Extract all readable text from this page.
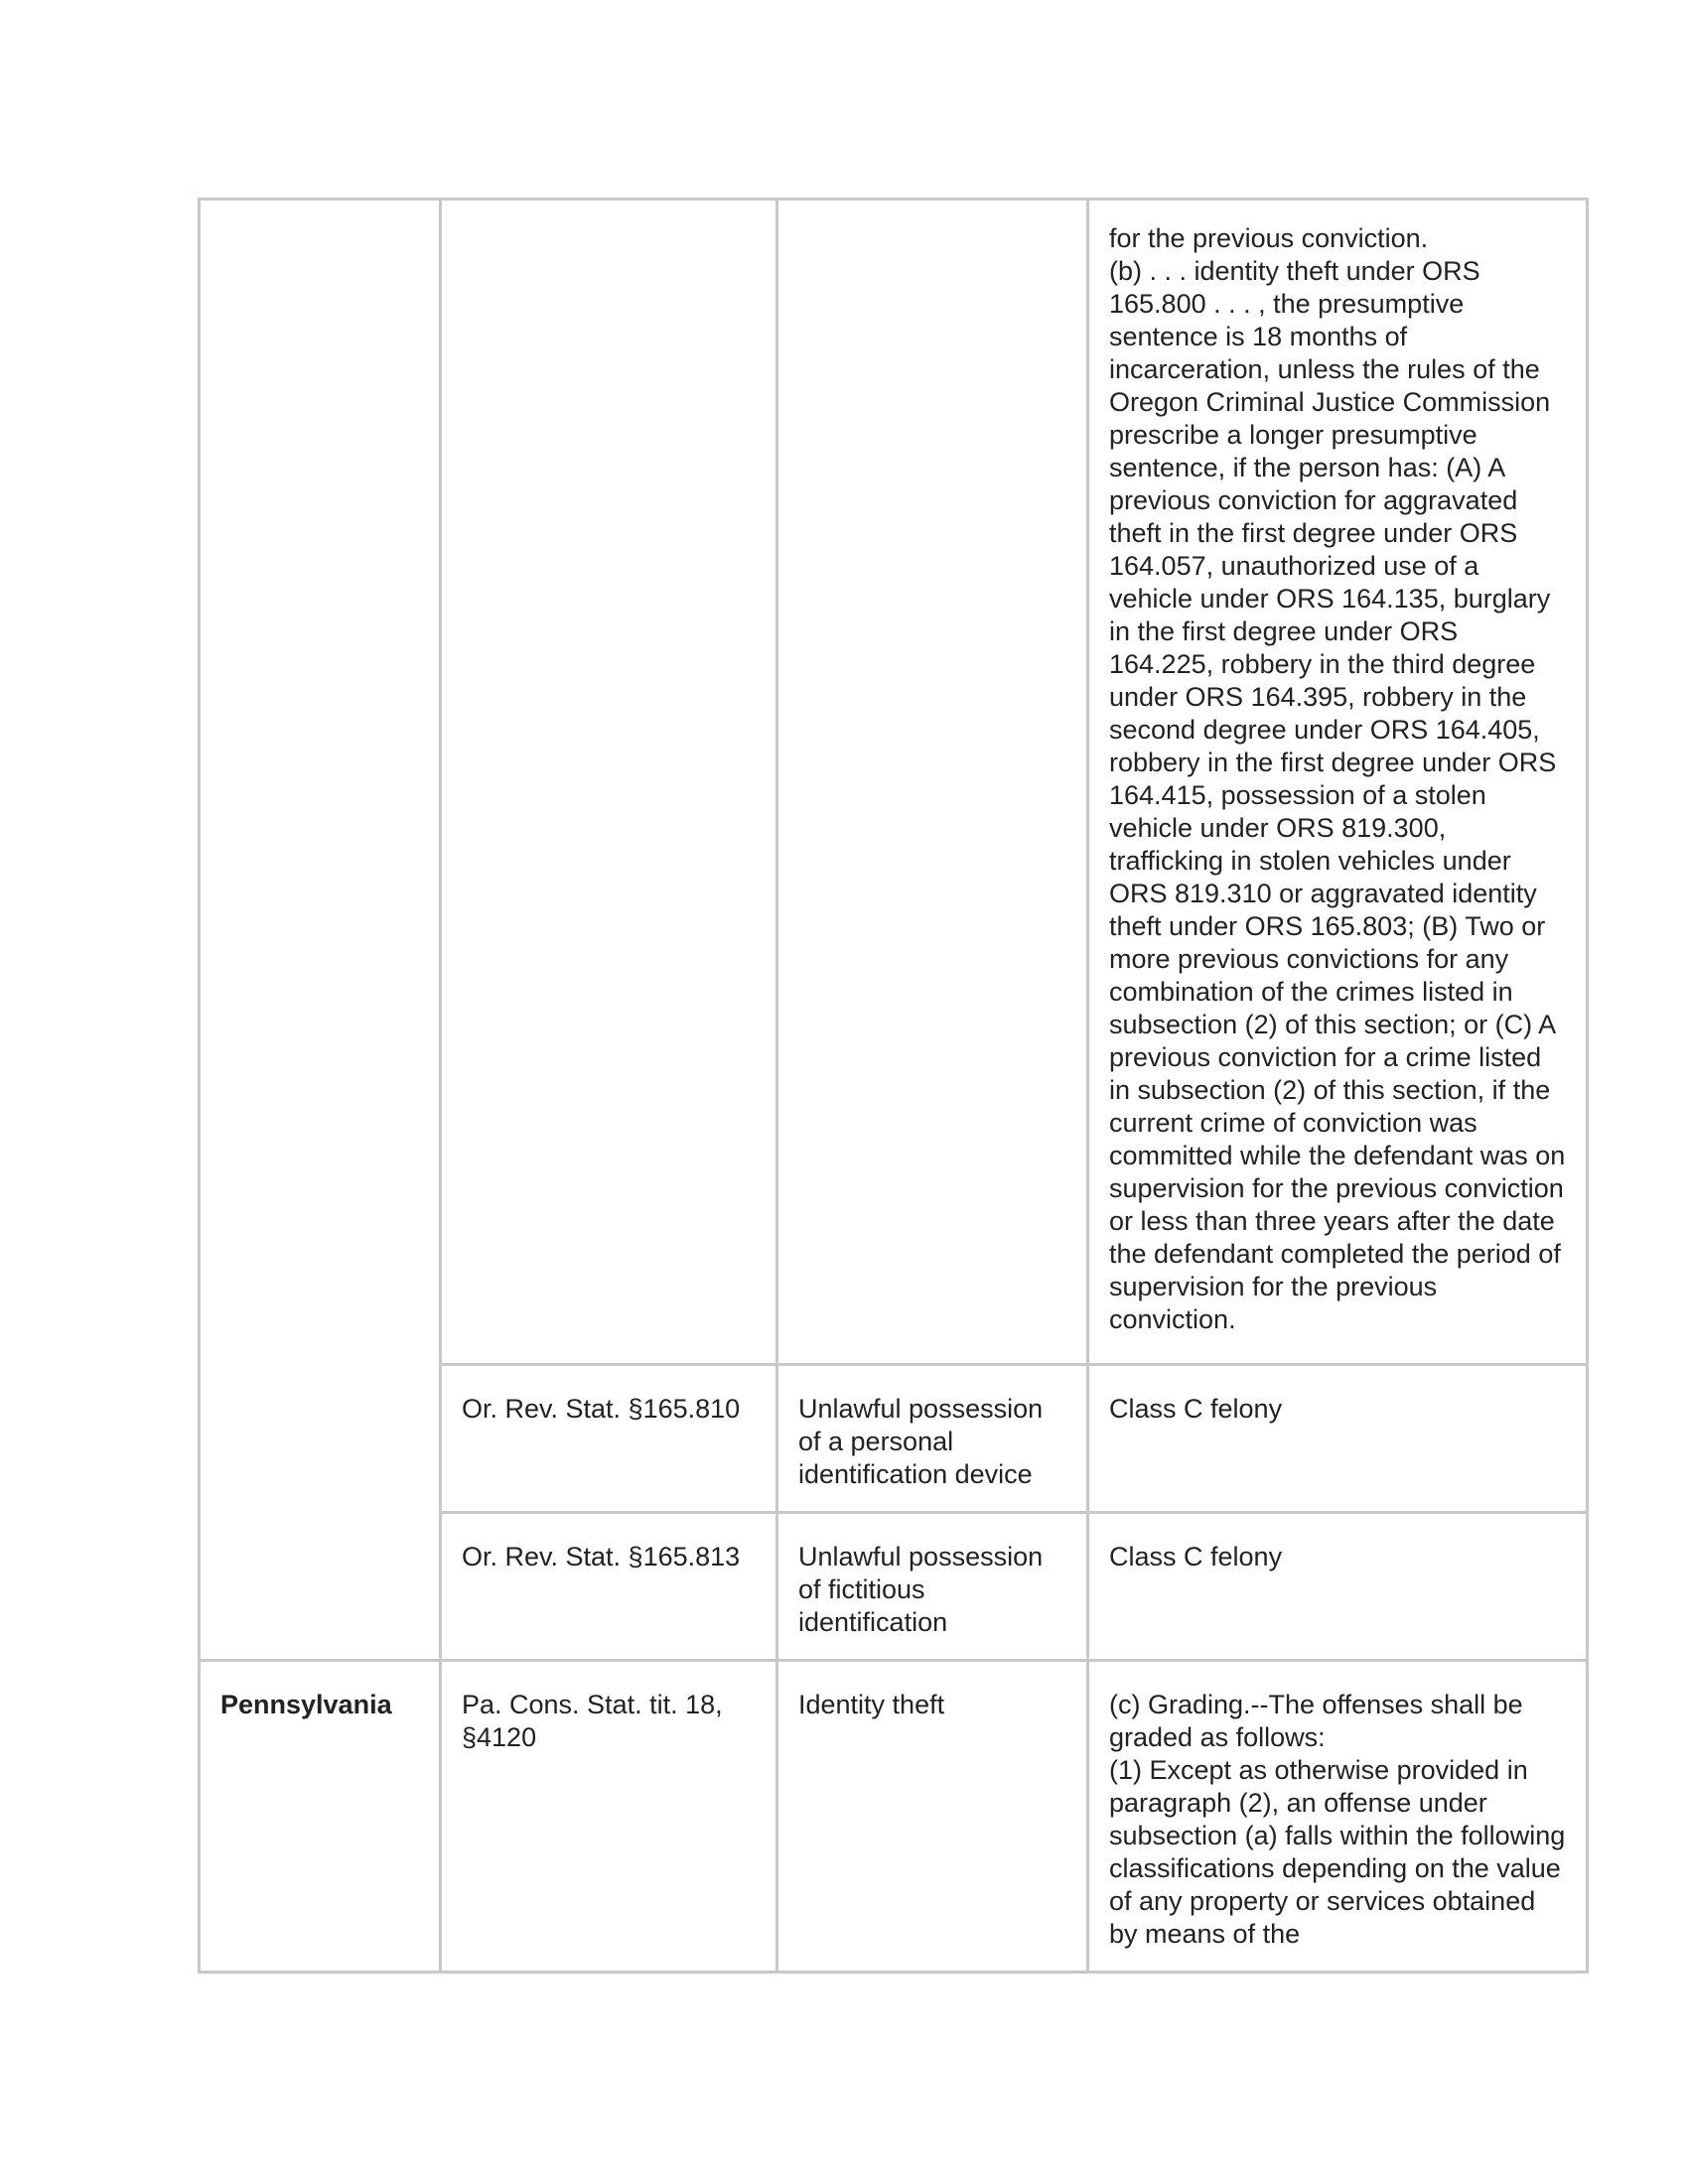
			for the previous conviction.
(b) . . . identity theft under ORS 165.800 . . . , the presumptive sentence is 18 months of incarceration, unless the rules of the Oregon Criminal Justice Commission prescribe a longer presumptive sentence, if the person has: (A) A previous conviction for aggravated theft in the first degree under ORS 164.057, unauthorized use of a vehicle under ORS 164.135, burglary in the first degree under ORS 164.225, robbery in the third degree under ORS 164.395, robbery in the second degree under ORS 164.405, robbery in the first degree under ORS 164.415, possession of a stolen vehicle under ORS 819.300, trafficking in stolen vehicles under ORS 819.310 or aggravated identity theft under ORS 165.803; (B) Two or more previous convictions for any combination of the crimes listed in subsection (2) of this section; or (C) A previous conviction for a crime listed in subsection (2) of this section, if the current crime of conviction was committed while the defendant was on supervision for the previous conviction or less than three years after the date the defendant completed the period of supervision for the previous conviction.

	Or. Rev. Stat. §165.810	Unlawful possession of a personal identification device	Class C felony

	Or. Rev. Stat. §165.813	Unlawful possession of fictitious identification	Class C felony

Pennsylvania	Pa. Cons. Stat. tit. 18, §4120	Identity theft	(c) Grading.--The offenses shall be graded as follows:
(1) Except as otherwise provided in paragraph (2), an offense under subsection (a) falls within the following classifications depending on the value of any property or services obtained by means of the
